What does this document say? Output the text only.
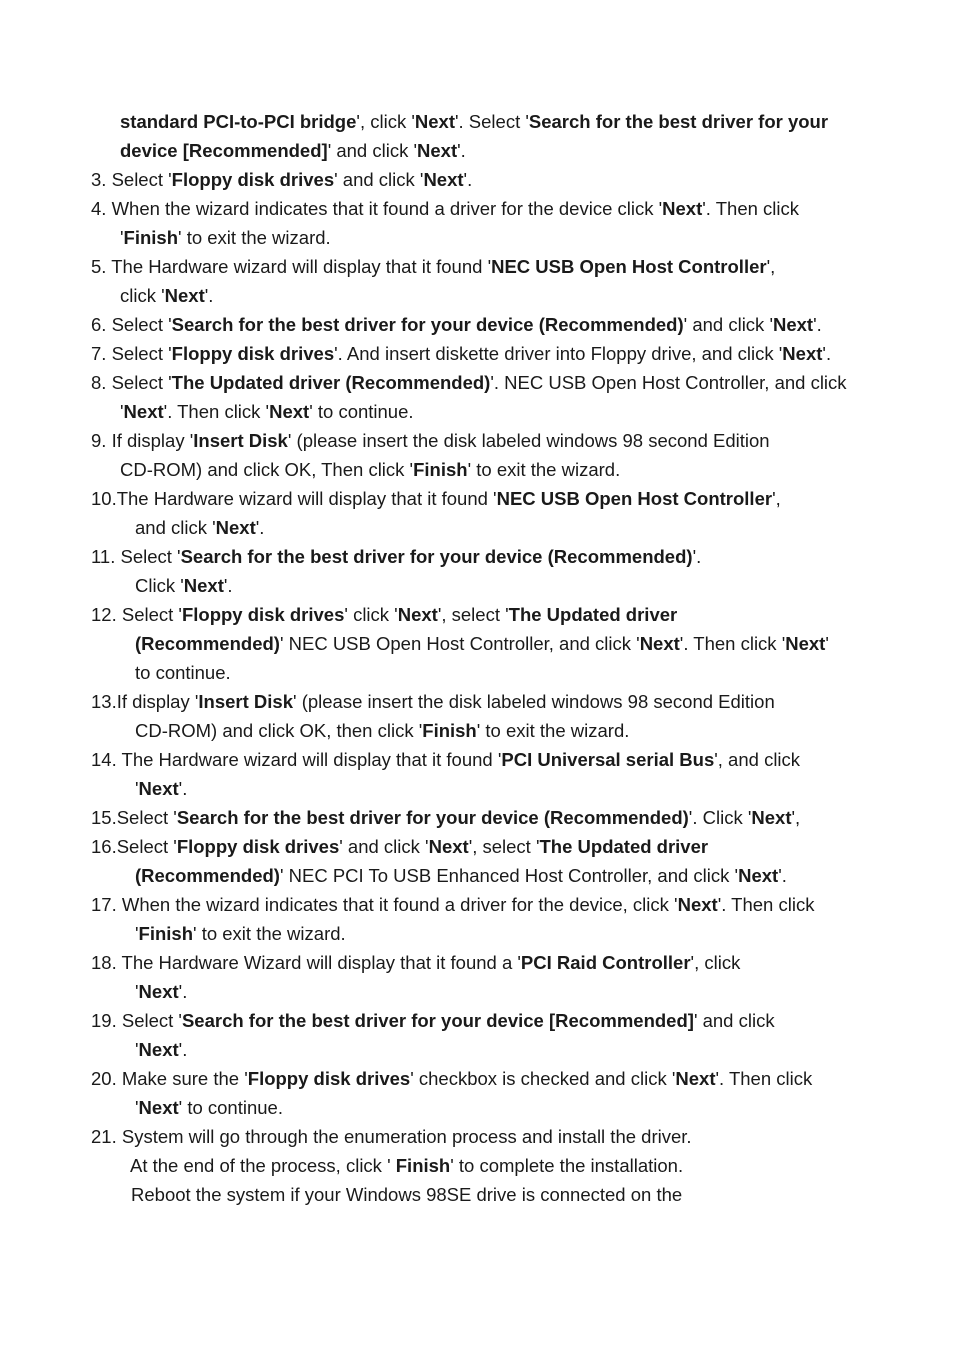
standard PCI-to-PCI bridge', click 'Next'. Select 'Search for the best driver for your
device [Recommended]' and click 'Next'.
3. Select 'Floppy disk drives' and click 'Next'.
4. When the wizard indicates that it found a driver for the device click 'Next'. Then click
'Finish' to exit the wizard.
5. The Hardware wizard will display that it found 'NEC USB Open Host Controller',
click 'Next'.
6. Select 'Search for the best driver for your device (Recommended)' and click 'Next'.
7. Select 'Floppy disk drives'. And insert diskette driver into Floppy drive, and click 'Next'.
8. Select 'The Updated driver (Recommended)'. NEC USB Open Host Controller, and click
'Next'. Then click 'Next' to continue.
9. If display 'Insert Disk' (please insert the disk labeled windows 98 second Edition
CD-ROM) and click OK, Then click 'Finish' to exit the wizard.
10.The Hardware wizard will display that it found 'NEC USB Open Host Controller',
and click 'Next'.
11. Select 'Search for the best driver for your device (Recommended)'.
Click 'Next'.
12. Select 'Floppy disk drives' click 'Next', select 'The Updated driver
(Recommended)' NEC USB Open Host Controller, and click 'Next'. Then click 'Next'
to continue.
13.If display 'Insert Disk' (please insert the disk labeled windows 98 second Edition
CD-ROM) and click OK, then click 'Finish' to exit the wizard.
14. The Hardware wizard will display that it found 'PCI Universal serial Bus', and click
'Next'.
15.Select 'Search for the best driver for your device (Recommended)'. Click 'Next',
16.Select 'Floppy disk drives' and click 'Next', select 'The Updated driver
(Recommended)' NEC PCI To USB Enhanced Host Controller, and click 'Next'.
17. When the wizard indicates that it found a driver for the device, click 'Next'. Then click
'Finish' to exit the wizard.
18. The Hardware Wizard will display that it found a 'PCI Raid Controller', click
'Next'.
19. Select 'Search for the best driver for your device [Recommended]' and click
'Next'.
20. Make sure the 'Floppy disk drives' checkbox is checked and click 'Next'. Then click
'Next' to continue.
21. System will go through the enumeration process and install the driver.
At the end of the process, click ' Finish' to complete the installation.
Reboot the system if your Windows 98SE drive is connected on the
